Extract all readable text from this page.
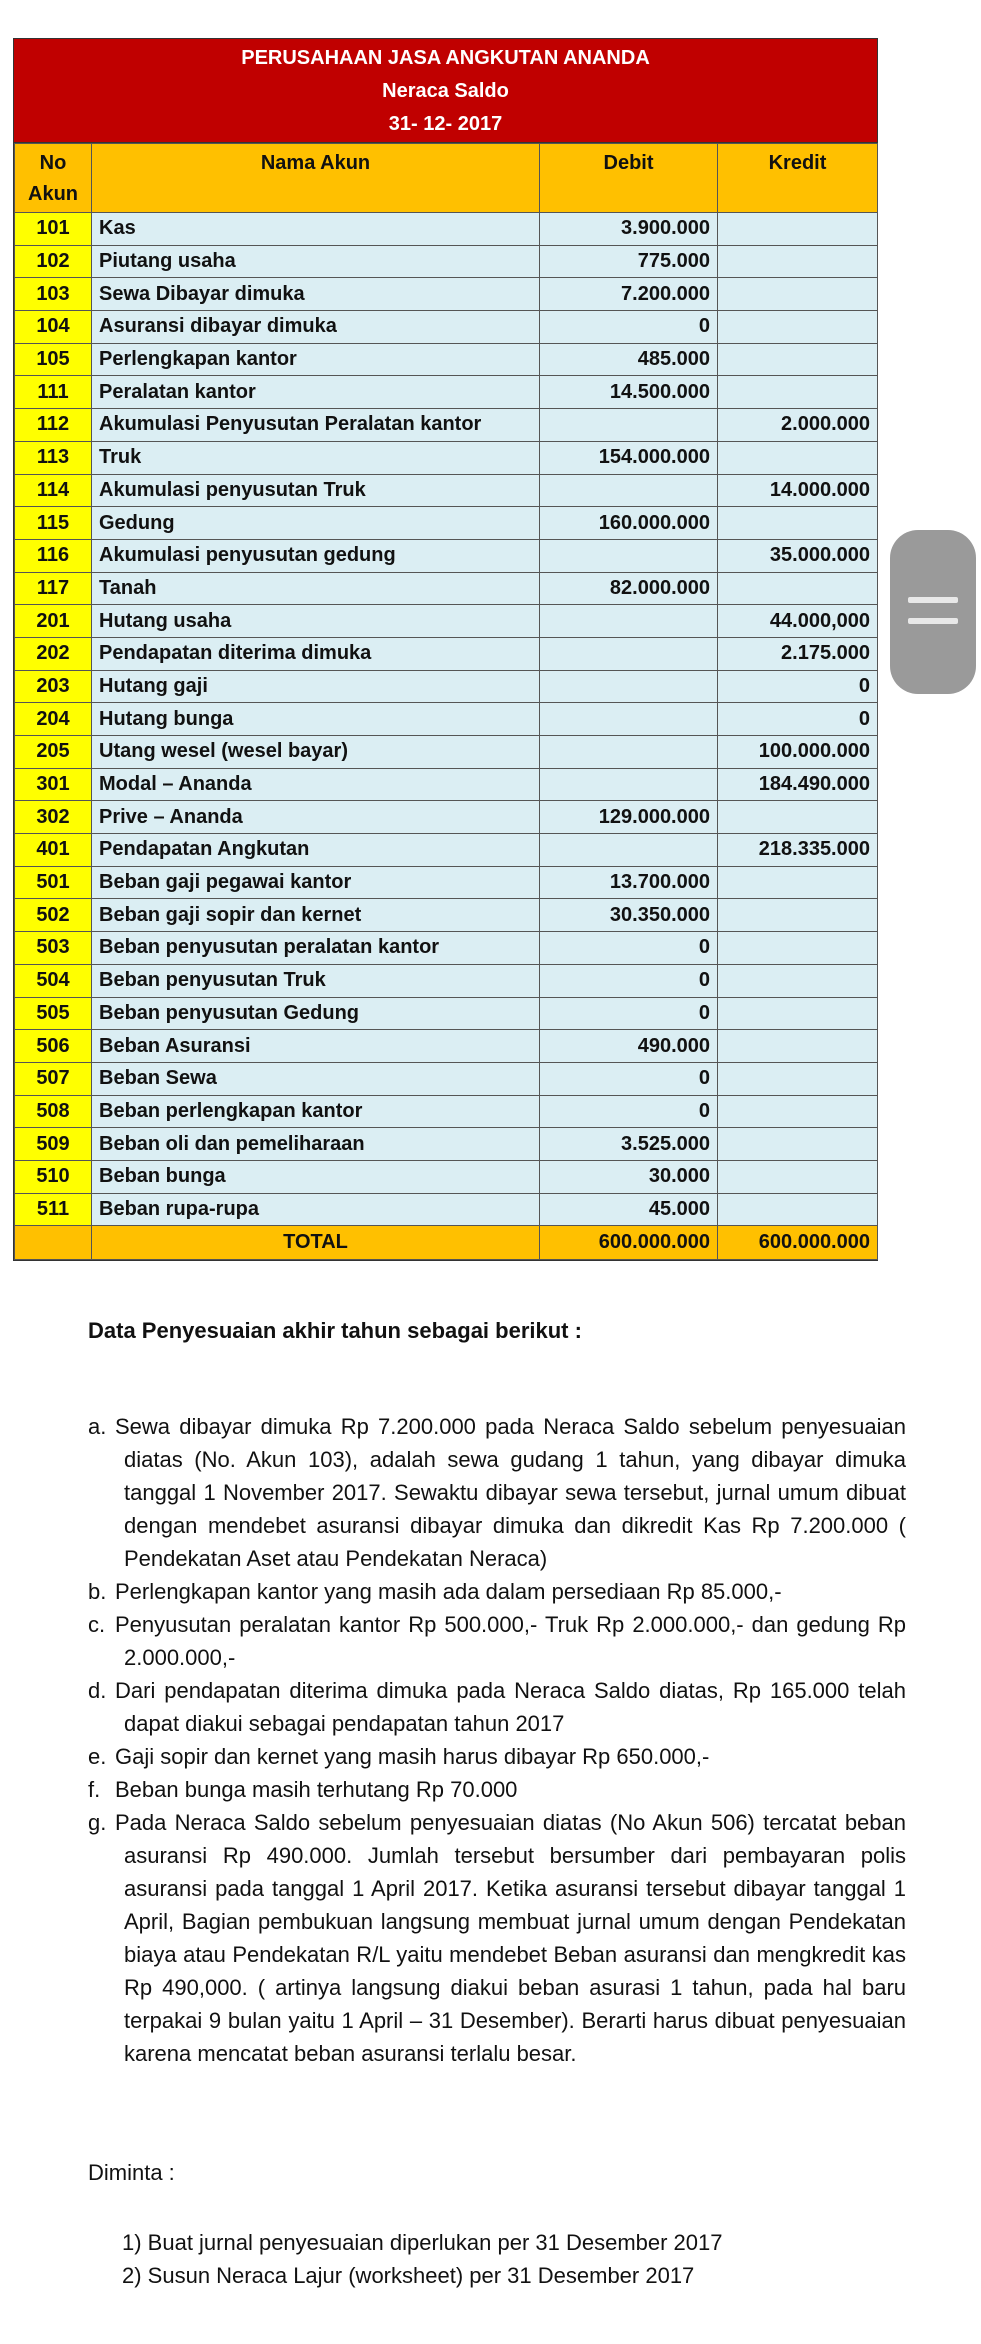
PERUSAHAAN JASA ANGKUTAN ANANDA
Neraca Saldo
31- 12- 2017
No
Akun	Nama Akun	Debit	Kredit
101	Kas	3.900.000	
102	Piutang usaha	775.000	
103	Sewa Dibayar dimuka	7.200.000	
104	Asuransi dibayar dimuka	0	
105	Perlengkapan kantor	485.000	
111	Peralatan kantor	14.500.000	
112	Akumulasi Penyusutan Peralatan kantor		2.000.000
113	Truk	154.000.000	
114	Akumulasi penyusutan Truk		14.000.000
115	Gedung	160.000.000	
116	Akumulasi penyusutan gedung		35.000.000
117	Tanah	82.000.000	
201	Hutang usaha		44.000,000
202	Pendapatan diterima dimuka		2.175.000
203	Hutang gaji		0
204	Hutang bunga		0
205	Utang wesel (wesel bayar)		100.000.000
301	Modal – Ananda		184.490.000
302	Prive – Ananda	129.000.000	
401	Pendapatan Angkutan		218.335.000
501	Beban gaji pegawai kantor	13.700.000	
502	Beban gaji sopir dan kernet	30.350.000	
503	Beban penyusutan peralatan kantor	0	
504	Beban penyusutan Truk	0	
505	Beban penyusutan Gedung	0	
506	Beban Asuransi	490.000	
507	Beban Sewa	0	
508	Beban perlengkapan kantor	0	
509	Beban oli dan pemeliharaan	3.525.000	
510	Beban bunga	30.000	
511	Beban rupa-rupa	45.000	
	TOTAL	600.000.000	600.000.000
Data Penyesuaian akhir tahun sebagai berikut :
a. Sewa dibayar dimuka Rp 7.200.000 pada Neraca Saldo sebelum penyesuaian diatas (No. Akun 103), adalah sewa gudang 1 tahun, yang dibayar dimuka tanggal 1 November 2017. Sewaktu dibayar sewa tersebut, jurnal umum dibuat dengan mendebet asuransi dibayar dimuka dan dikredit Kas Rp 7.200.000 ( Pendekatan Aset atau Pendekatan Neraca)
b. Perlengkapan kantor yang masih ada dalam persediaan Rp 85.000,-
c. Penyusutan peralatan kantor Rp 500.000,- Truk Rp 2.000.000,- dan gedung Rp 2.000.000,-
d. Dari pendapatan diterima dimuka pada Neraca Saldo diatas, Rp 165.000 telah dapat diakui sebagai pendapatan tahun 2017
e. Gaji sopir dan kernet yang masih harus dibayar Rp 650.000,-
f. Beban bunga masih terhutang Rp 70.000
g. Pada Neraca Saldo sebelum penyesuaian diatas (No Akun 506) tercatat beban asuransi Rp 490.000. Jumlah tersebut bersumber dari pembayaran polis asuransi pada tanggal 1 April 2017. Ketika asuransi tersebut dibayar tanggal 1 April, Bagian pembukuan langsung membuat jurnal umum dengan Pendekatan biaya atau Pendekatan R/L yaitu mendebet Beban asuransi dan mengkredit kas Rp 490,000. ( artinya langsung diakui beban asurasi 1 tahun, pada hal baru terpakai 9 bulan yaitu 1 April – 31 Desember). Berarti harus dibuat penyesuaian karena mencatat beban asuransi terlalu besar.
Diminta :
1) Buat jurnal penyesuaian diperlukan per 31 Desember 2017
2) Susun Neraca Lajur (worksheet) per 31 Desember 2017
